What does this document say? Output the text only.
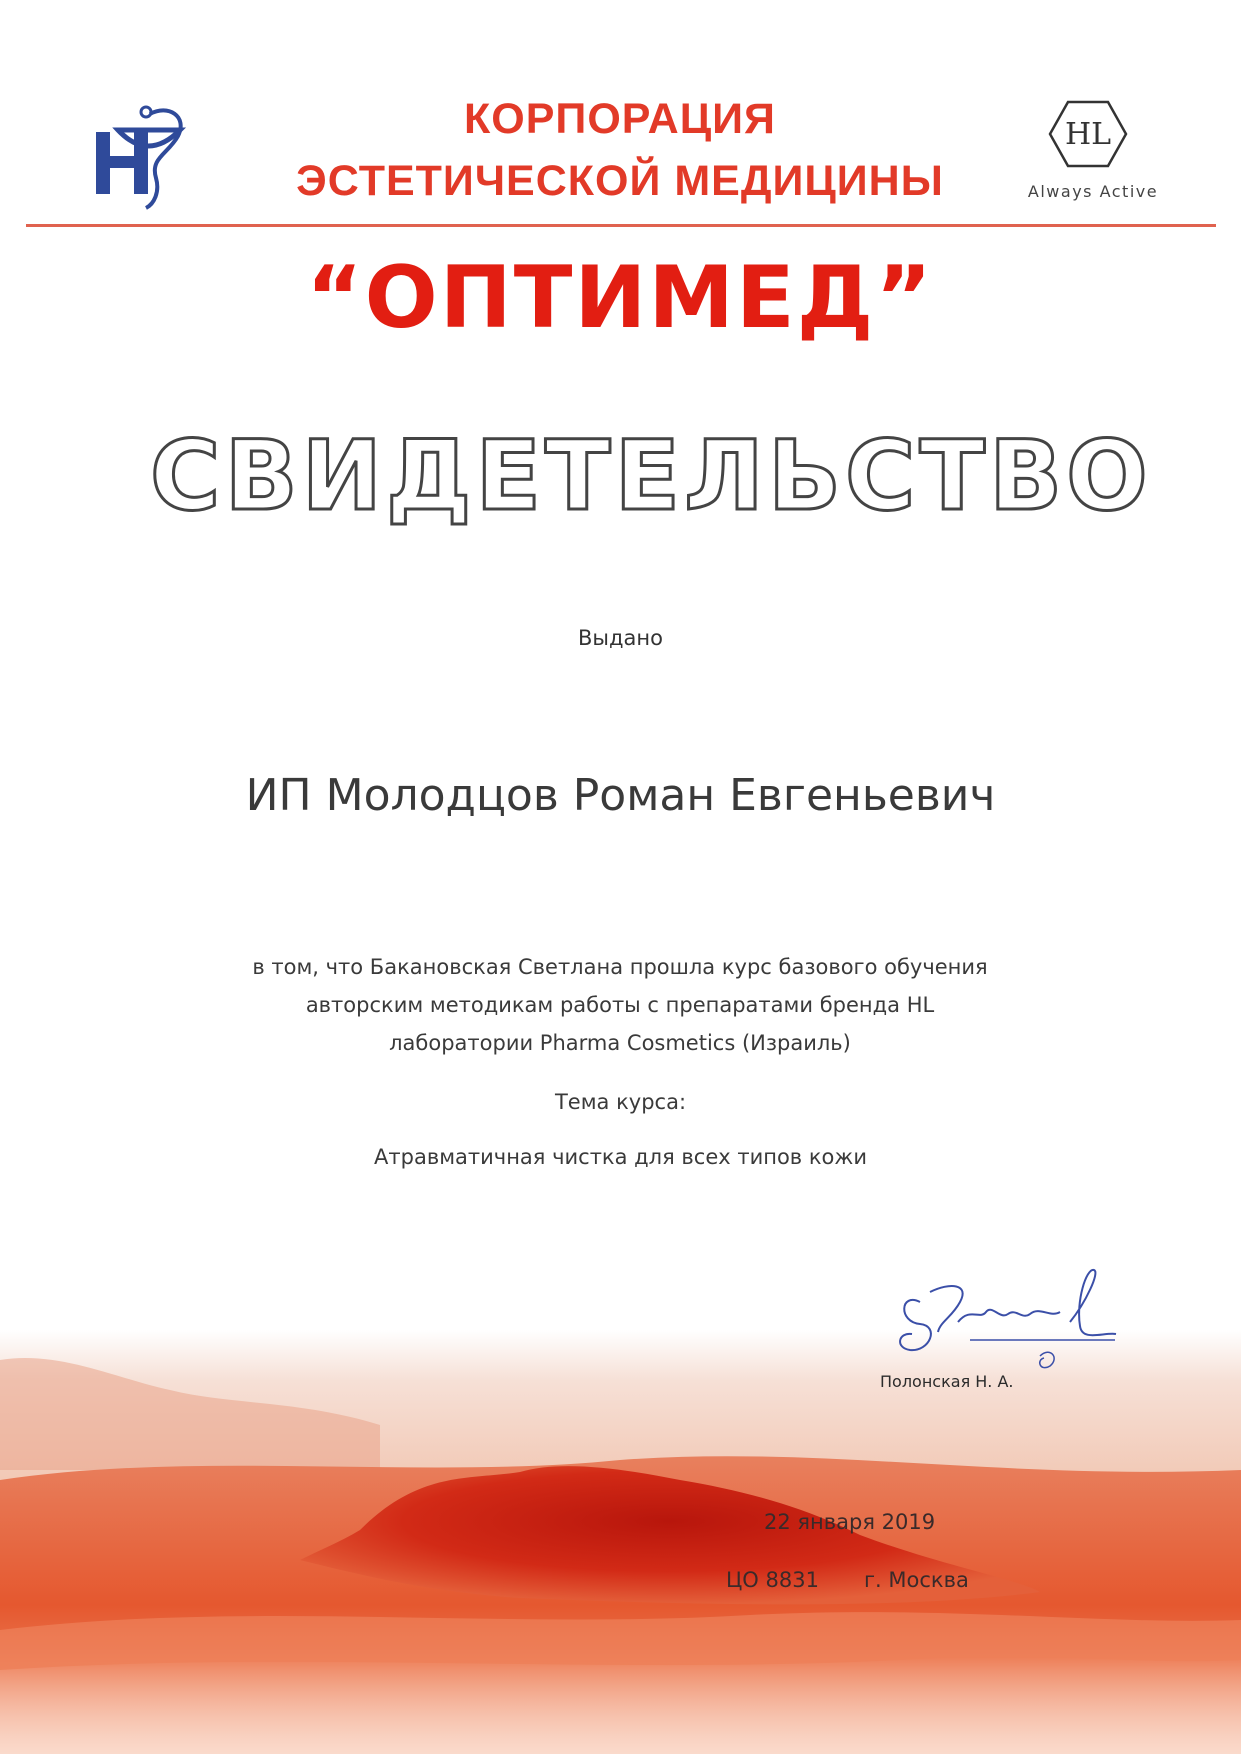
HL
Always Active
КОРПОРАЦИЯ
ЭСТЕТИЧЕСКОЙ МЕДИЦИНЫ
“ОПТИМЕД”
СВИДЕТЕЛЬСТВО
Выдано
ИП Молодцов Роман Евгеньевич
в том, что Бакановская Светлана прошла курс базового обучения
авторским методикам работы с препаратами бренда HL
лаборатории Pharma Cosmetics (Израиль)
Тема курса:
Атравматичная чистка для всех типов кожи
Полонская Н. А.
22 января 2019
ЦО 8831	г. Москва
